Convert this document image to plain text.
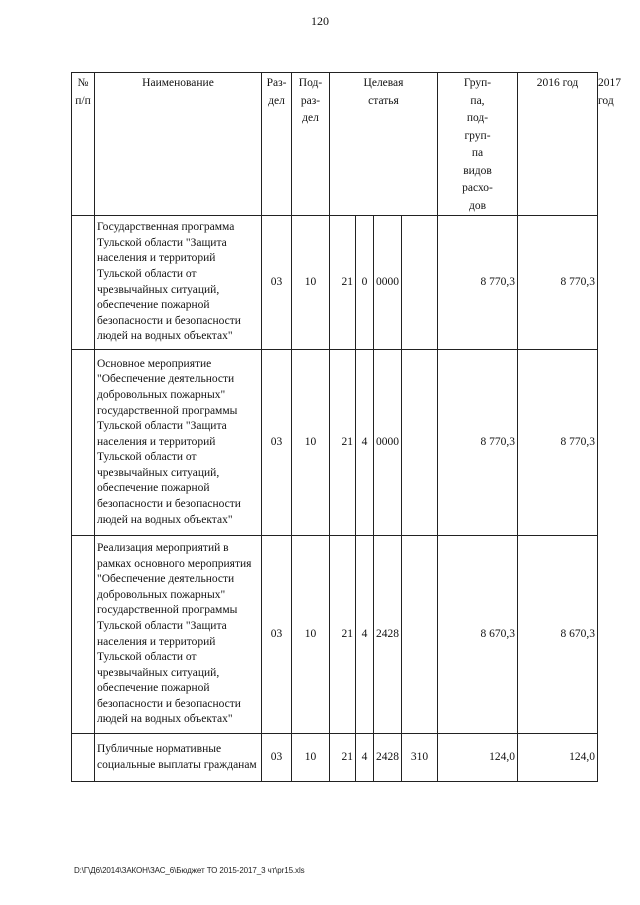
120
№ п/п	Наименование	Раз-дел	Под-раз-дел	Целевая статья				Груп-па, под-груп-па видов расхо-дов	2016 год	2017 год
	Государственная программа Тульской области "Защита населения и территорий Тульской области от чрезвычайных ситуаций, обеспечение пожарной безопасности и безопасности людей на водных объектах"	03	10	21	0	0000		8 770,3	8 770,3	
	Основное мероприятие "Обеспечение деятельности добровольных пожарных" государственной программы Тульской области "Защита населения и территорий Тульской области от чрезвычайных ситуаций, обеспечение пожарной безопасности и безопасности людей на водных объектах"	03	10	21	4	0000		8 770,3	8 770,3	
	Реализация мероприятий в рамках основного мероприятия "Обеспечение деятельности добровольных пожарных" государственной программы Тульской области "Защита населения и территорий Тульской области от чрезвычайных ситуаций, обеспечение пожарной безопасности и безопасности людей на водных объектах"	03	10	21	4	2428		8 670,3	8 670,3	
	Публичные нормативные социальные выплаты гражданам	03	10	21	4	2428	310	124,0	124,0	
D:\Г\Д6\2014\ЗАКОН\ЗАС_6\Бюджет ТО 2015-2017_3 чт\pr15.xls
